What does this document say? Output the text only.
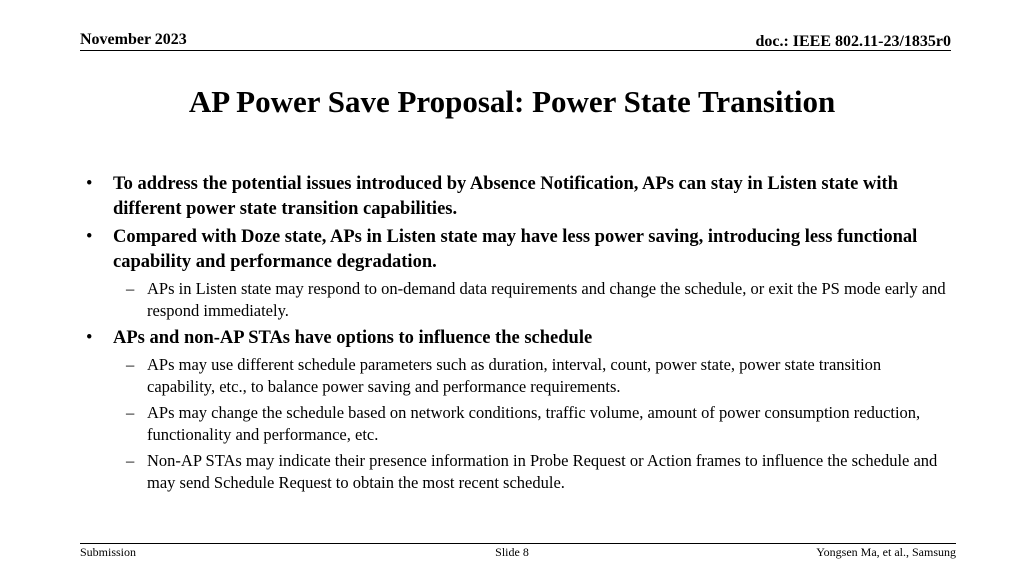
November 2023	doc.: IEEE 802.11-23/1835r0
AP Power Save Proposal: Power State Transition
• To address the potential issues introduced by Absence Notification, APs can stay in Listen state with different power state transition capabilities.
• Compared with Doze state, APs in Listen state may have less power saving, introducing less functional capability and performance degradation.
– APs in Listen state may respond to on-demand data requirements and change the schedule, or exit the PS mode early and respond immediately.
• APs and non-AP STAs have options to influence the schedule
– APs may use different schedule parameters such as duration, interval, count, power state, power state transition capability, etc., to balance power saving and performance requirements.
– APs may change the schedule based on network conditions, traffic volume, amount of power consumption reduction, functionality and performance, etc.
– Non-AP STAs may indicate their presence information in Probe Request or Action frames to influence the schedule and may send Schedule Request to obtain the most recent schedule.
Submission	Slide 8	Yongsen Ma, et al., Samsung
